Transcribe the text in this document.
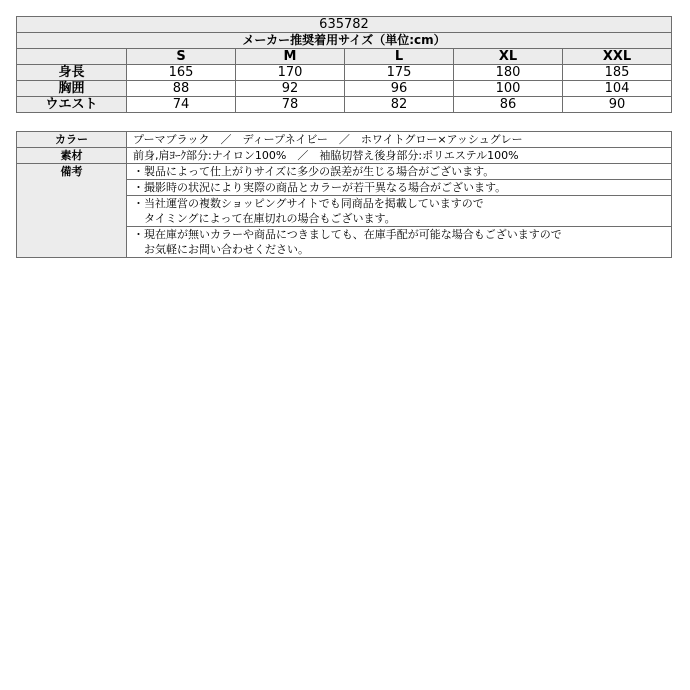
635782					
メーカー推奨着用サイズ（単位:cm）					
	S	M	L	XL	XXL
身長	165	170	175	180	185
胸囲	88	92	96	100	104
ウエスト	74	78	82	86	90
カラー	プーマブラック　／　ディープネイビー　／　ホワイトグロー×アッシュグレー
素材	前身,肩ﾖｰｸ部分:ナイロン100%　／　袖脇切替え後身部分:ポリエステル100%
備考	・製品によって仕上がりサイズに多少の誤差が生じる場合がございます。

	・撮影時の状況により実際の商品とカラーが若干異なる場合がございます。

	・当社運営の複数ショッピングサイトでも同商品を掲載していますので
　タイミングによって在庫切れの場合もございます。

	・現在庫が無いカラーや商品につきましても、在庫手配が可能な場合もございますので
　お気軽にお問い合わせください。
